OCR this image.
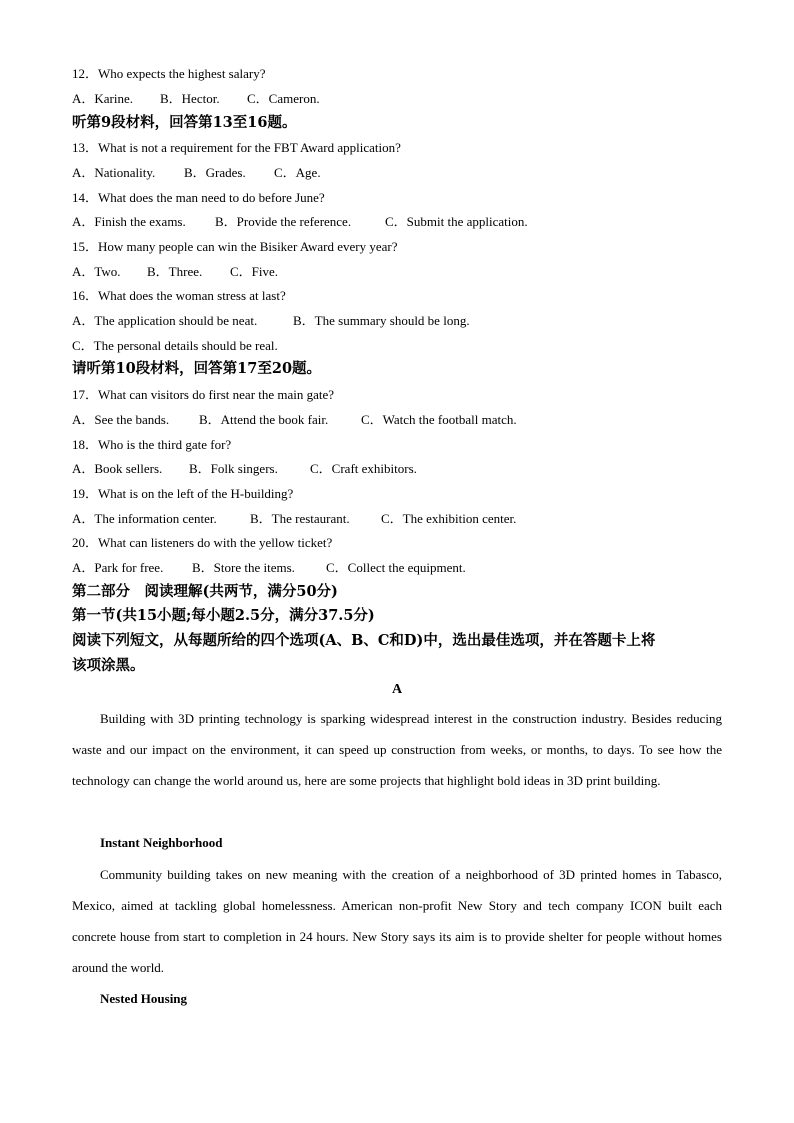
12．Who expects the highest salary?
A．Karine. B．Hector. C．Cameron.
听第9段材料，回答第13至16题。
13．What is not a requirement for the FBT Award application?
A．Nationality. B．Grades. C．Age.
14．What does the man need to do before June?
A．Finish the exams. B．Provide the reference.	C．Submit the application.
15．How many people can win the Bisiker Award every year?
A．Two. B．Three. C．Five.
16．What does the woman stress at last?
A．The application should be neat.	B．The summary should be long.
C．The personal details should be real.
请听第10段材料，回答第17至20题。
17．What can visitors do first near the main gate?
A．See the bands. B．Attend the book fair.	C．Watch the football match.
18．Who is the third gate for?
A．Book sellers. B．Folk singers. C．Craft exhibitors.
19．What is on the left of the H-building?
A．The information center.	B．The restaurant. C．The exhibition center.
20．What can listeners do with the yellow ticket?
A．Park for free. B．Store the items. C．Collect the equipment.
第二部分　阅读理解(共两节，满分50分)
第一节(共15小题;每小题2.5分，满分37.5分)
阅读下列短文，从每题所给的四个选项(A、B、C和D)中，选出最佳选项，并在答题卡上将
该项涂黑。
A

Building with 3D printing technology is sparking widespread interest in the construction industry. Besides reducing waste and our impact on the environment, it can speed up construction from weeks, or months, to days. To see how the technology can change the world around us, here are some projects that highlight bold ideas in 3D print building.

Instant Neighborhood

Community building takes on new meaning with the creation of a neighborhood of 3D printed homes in Tabasco, Mexico, aimed at tackling global homelessness. American non-profit New Story and tech company ICON built each concrete house from start to completion in 24 hours. New Story says its aim is to provide shelter for people without homes around the world.

Nested Housing
